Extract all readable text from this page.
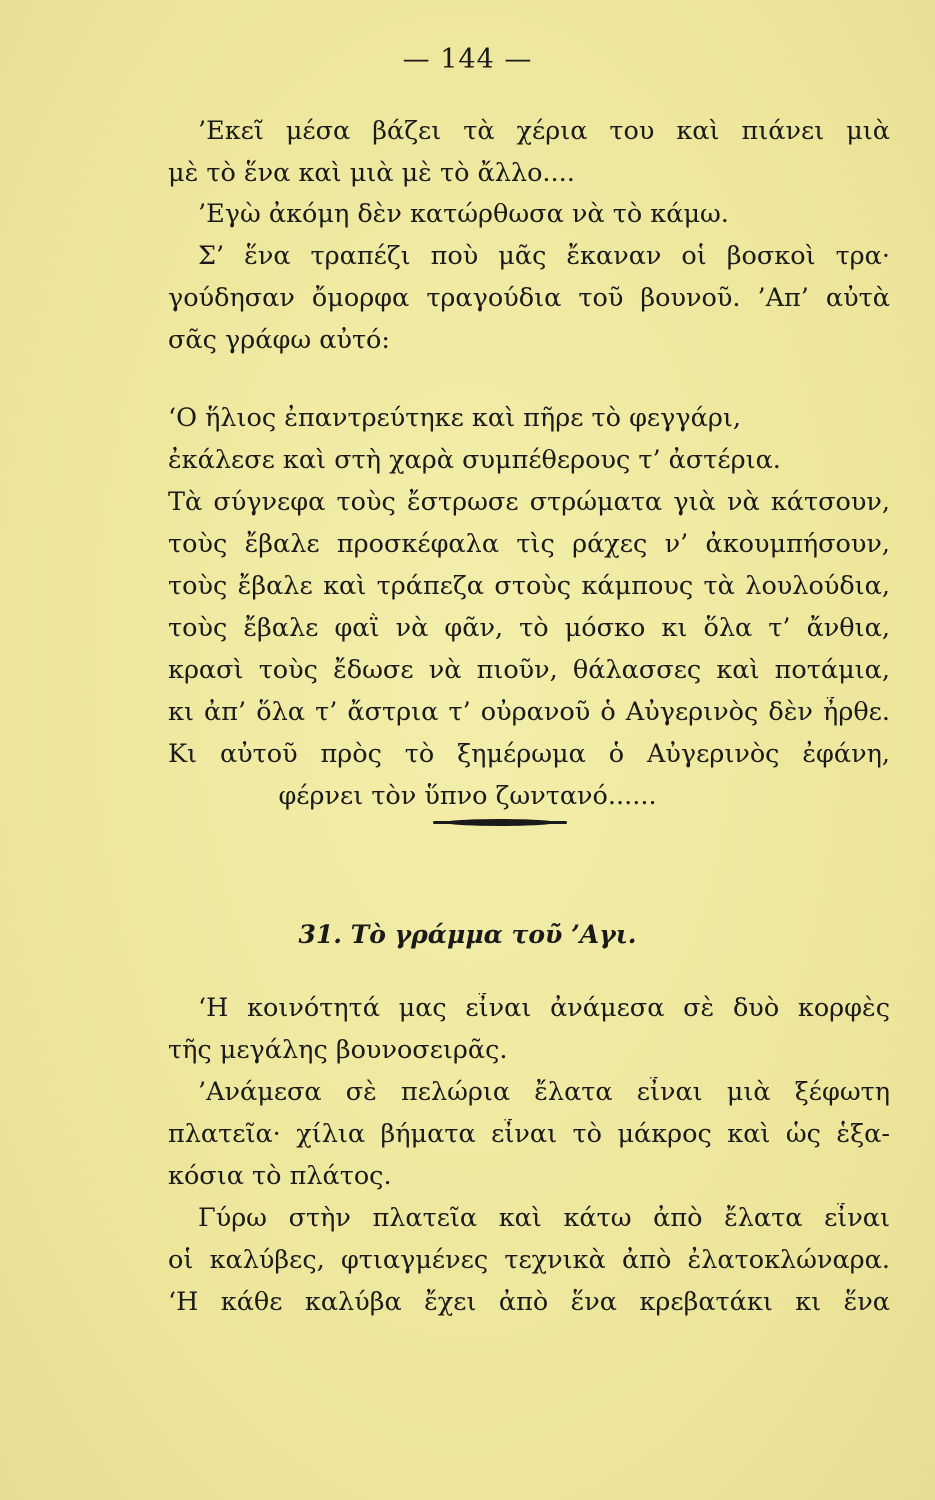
— 144 —
’Εκεῖ μέσα βάζει τὰ χέρια του καὶ πιάνει μιὰ
μὲ τὸ ἕνα καὶ μιὰ μὲ τὸ ἄλλο....
’Εγὼ ἀκόμη δὲν κατώρθωσα νὰ τὸ κάμω.
Σ’ ἕνα τραπέζι ποὺ μᾶς ἔκαναν οἱ βοσκοὶ τρα·
γούδησαν ὄμορφα τραγούδια τοῦ βουνοῦ. ’Απ’ αὐτὰ
σᾶς γράφω αὐτό:
‘Ο ἥλιος ἐπαντρεύτηκε καὶ πῆρε τὸ φεγγάρι,
ἐκάλεσε καὶ στὴ χαρὰ συμπέθερους τ’ ἀστέρια.
Τὰ σύγνεφα τοὺς ἔστρωσε στρώματα γιὰ νὰ κάτσουν,
τοὺς ἔβαλε προσκέφαλα τὶς ράχες ν’ ἀκουμπήσουν,
τοὺς ἔβαλε καὶ τράπεζα στοὺς κάμπους τὰ λουλούδια,
τοὺς ἔβαλε φαῒ νὰ φᾶν, τὸ μόσκο κι ὅλα τ’ ἄνθια,
κρασὶ τοὺς ἔδωσε νὰ πιοῦν, θάλασσες καὶ ποτάμια,
κι ἀπ’ ὅλα τ’ ἄστρια τ’ οὐρανοῦ ὁ Αὐγερινὸς δὲν ἦρθε.
Κι αὐτοῦ πρὸς τὸ ξημέρωμα ὁ Αὐγερινὸς ἐφάνη,
φέρνει τὸν ὕπνο ζωντανό......
31. Τὸ γράμμα τοῦ ’Αγι.
‘Η κοινότητά μας εἶναι ἀνάμεσα σὲ δυὸ κορφὲς
τῆς μεγάλης βουνοσειρᾶς.
’Ανάμεσα σὲ πελώρια ἔλατα εἶναι μιὰ ξέφωτη
πλατεῖα· χίλια βήματα εἶναι τὸ μάκρος καὶ ὡς ἑξα-
κόσια τὸ πλάτος.
Γύρω στὴν πλατεῖα καὶ κάτω ἀπὸ ἔλατα εἶναι
οἱ καλύβες, φτιαγμένες τεχνικὰ ἀπὸ ἐλατοκλώναρα.
‘Η κάθε καλύβα ἔχει ἀπὸ ἕνα κρεβατάκι κι ἕνα
